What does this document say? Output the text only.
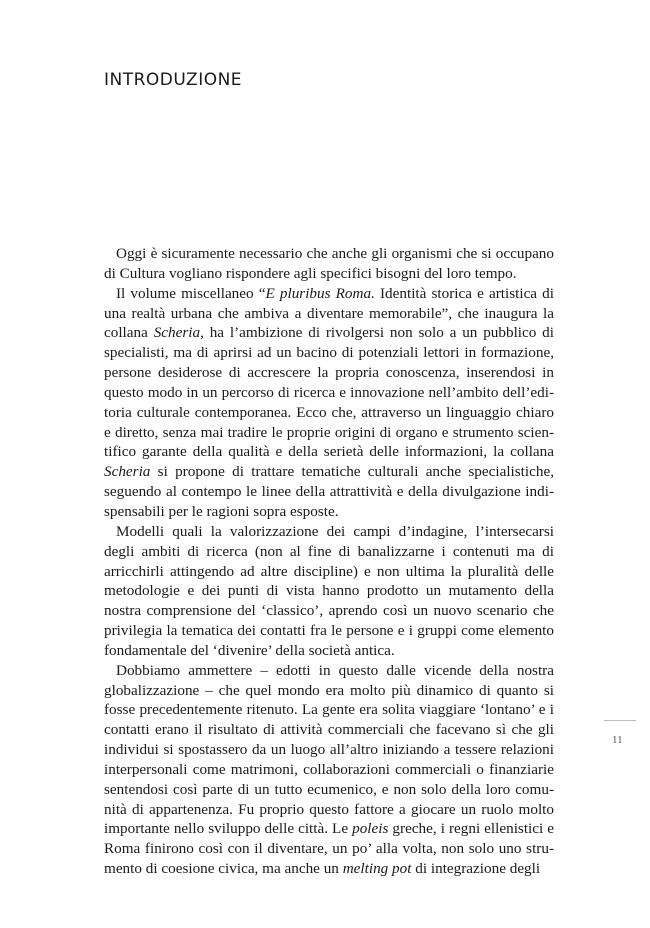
INTRODUZIONE

Oggi è sicuramente necessario che anche gli organismi che si occupano di Cultura vogliano rispondere agli specifici bisogni del loro tempo.

Il volume miscellaneo “E pluribus Roma. Identità storica e artistica di una realtà urbana che ambiva a diventare memorabile”, che inaugura la collana Scheria, ha l’ambizione di rivolgersi non solo a un pubblico di specialisti, ma di aprirsi ad un bacino di potenziali lettori in formazione, persone desiderose di accrescere la propria conoscenza, inserendosi in questo modo in un percorso di ricerca e innovazione nell’ambito dell’editoria culturale contemporanea. Ecco che, attraverso un linguaggio chiaro e diretto, senza mai tradire le proprie origini di organo e strumento scientifico garante della qualità e della serietà delle informazioni, la collana Scheria si propone di trattare tematiche culturali anche specialistiche, seguendo al contempo le linee della attrattività e della divulgazione indispensabili per le ragioni sopra esposte.

Modelli quali la valorizzazione dei campi d’indagine, l’intersecarsi degli ambiti di ricerca (non al fine di banalizzarne i contenuti ma di arricchirli attingendo ad altre discipline) e non ultima la pluralità delle metodologie e dei punti di vista hanno prodotto un mutamento della nostra comprensione del ‘classico’, aprendo così un nuovo scenario che privilegia la tematica dei contatti fra le persone e i gruppi come elemento fondamentale del ‘divenire’ della società antica.

Dobbiamo ammettere – edotti in questo dalle vicende della nostra globalizzazione – che quel mondo era molto più dinamico di quanto si fosse precedentemente ritenuto. La gente era solita viaggiare ‘lontano’ e i contatti erano il risultato di attività commerciali che facevano sì che gli individui si spostassero da un luogo all’altro iniziando a tessere relazioni interpersonali come matrimoni, collaborazioni commerciali o finanziarie sentendosi così parte di un tutto ecumenico, e non solo della loro comunità di appartenenza. Fu proprio questo fattore a giocare un ruolo molto importante nello sviluppo delle città. Le poleis greche, i regni ellenistici e Roma finirono così con il diventare, un po’ alla volta, non solo uno strumento di coesione civica, ma anche un melting pot di integrazione degli

11
